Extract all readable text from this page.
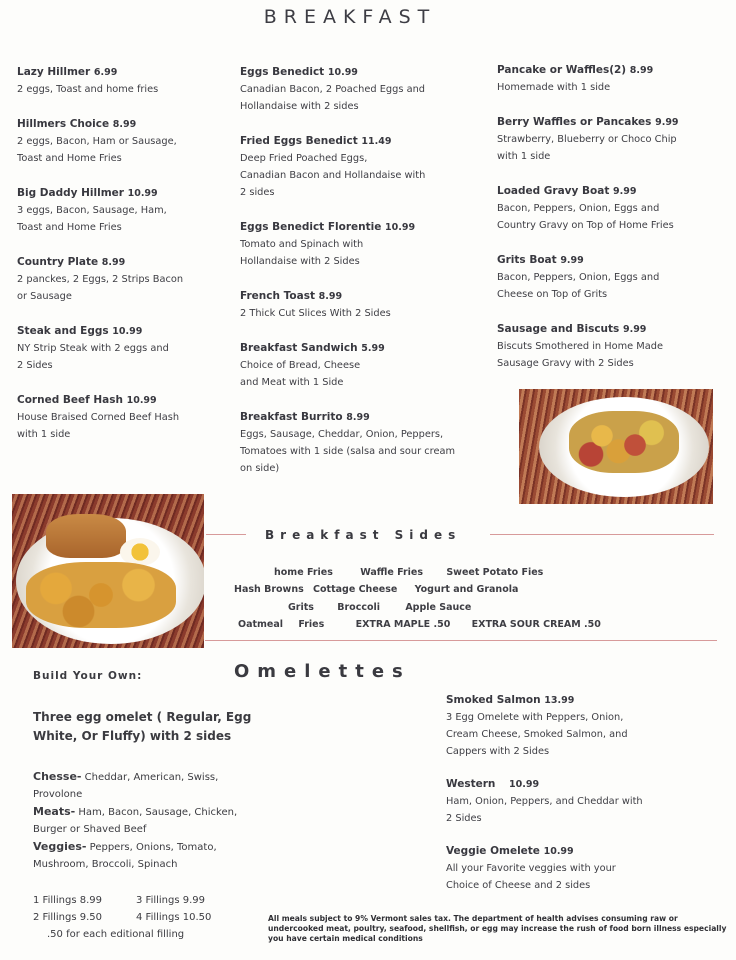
BREAKFAST
Lazy Hillmer 6.99
2 eggs, Toast and home fries
Hillmers Choice 8.99
2 eggs, Bacon, Ham or Sausage,
Toast and Home Fries
Big Daddy Hillmer 10.99
3 eggs, Bacon, Sausage, Ham,
Toast and Home Fries
Country Plate 8.99
2 panckes, 2 Eggs, 2 Strips Bacon
or Sausage
Steak and Eggs 10.99
NY Strip Steak with 2 eggs and
2 Sides
Corned Beef Hash 10.99
House Braised Corned Beef Hash
with 1 side
Eggs Benedict 10.99
Canadian Bacon, 2 Poached Eggs and
Hollandaise with 2 sides
Fried Eggs Benedict 11.49
Deep Fried Poached Eggs,
Canadian Bacon and Hollandaise with
2 sides
Eggs Benedict Florentie 10.99
Tomato and Spinach with
Hollandaise with 2 Sides
French Toast 8.99
2 Thick Cut Slices With 2 Sides
Breakfast Sandwich 5.99
Choice of Bread, Cheese
and Meat with 1 Side
Breakfast Burrito 8.99
Eggs, Sausage, Cheddar, Onion, Peppers,
Tomatoes with 1 side (salsa and sour cream
on side)
Pancake or Waffles(2) 8.99
Homemade with 1 side
Berry Waffles or Pancakes 9.99
Strawberry, Blueberry or Choco Chip
with 1 side
Loaded Gravy Boat 9.99
Bacon, Peppers, Onion, Eggs and
Country Gravy on Top of Home Fries
Grits Boat 9.99
Bacon, Peppers, Onion, Eggs and
Cheese on Top of Grits
Sausage and Biscuts 9.99
Biscuts Smothered in Home Made
Sausage Gravy with 2 Sides
Breakfast Sides
home Fries	Waffle Fries Sweet Potato Fies
Hash Browns Cottage Cheese Yogurt and Granola
Grits Broccoli	Apple Sauce
Oatmeal Fries	EXTRA MAPLE .50 EXTRA SOUR CREAM .50
Build Your Own:	Omelettes
Three egg omelet ( Regular, Egg
White, Or Fluffy) with 2 sides
Chesse- Cheddar, American, Swiss,
Provolone
Meats- Ham, Bacon, Sausage, Chicken,
Burger or Shaved Beef
Veggies- Peppers, Onions, Tomato,
Mushroom, Broccoli, Spinach
1 Fillings 8.99	3 Fillings 9.99
2 Fillings 9.50	4 Fillings 10.50
.50 for each editional filling
Smoked Salmon 13.99
3 Egg Omelete with Peppers, Onion,
Cream Cheese, Smoked Salmon, and
Cappers with 2 Sides
Western 10.99
Ham, Onion, Peppers, and Cheddar with
2 Sides
Veggie Omelete 10.99
All your Favorite veggies with your
Choice of Cheese and 2 sides
All meals subject to 9% Vermont sales tax. The department of health advises consuming raw or undercooked meat, poultry, seafood, shellfish, or egg may increase the rush of food born illness especially you have certain medical conditions
